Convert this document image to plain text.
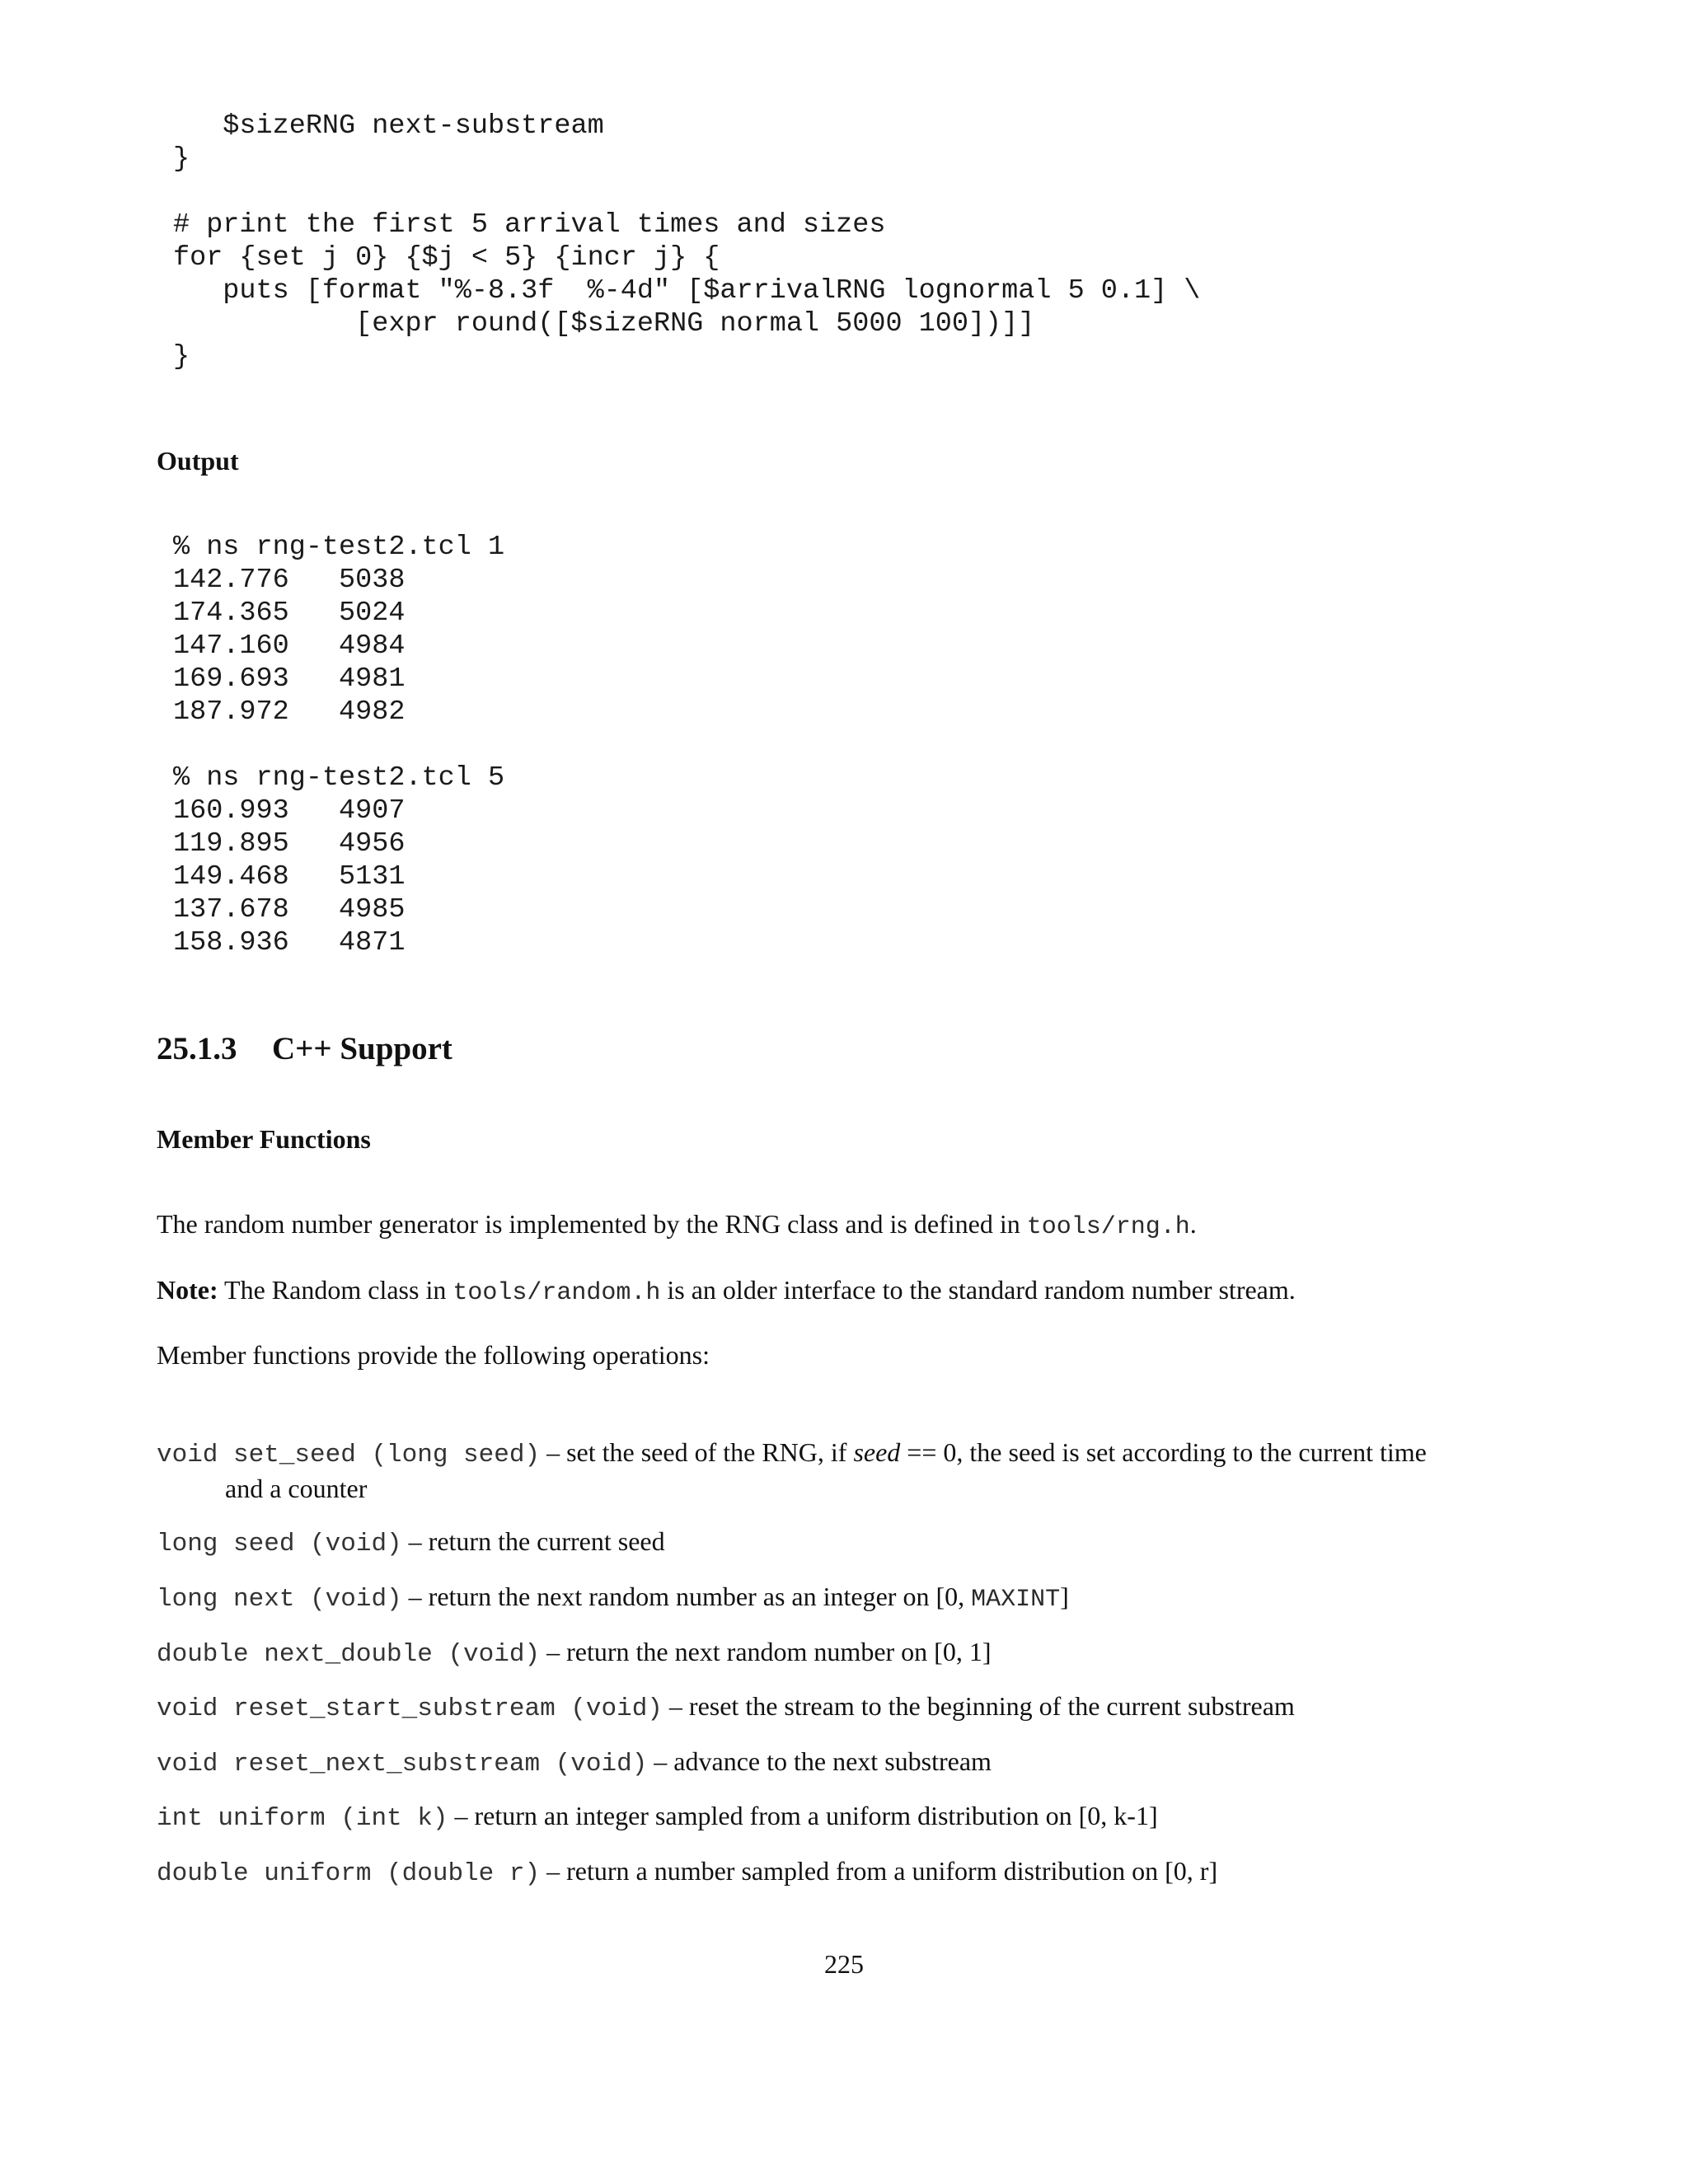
$sizeRNG next-substream
}

# print the first 5 arrival times and sizes
for {set j 0} {$j < 5} {incr j} {
puts [format "%-8.3f  %-4d" [$arrivalRNG lognormal 5 0.1] \
[expr round([$sizeRNG normal 5000 100])]]
}
Output
% ns rng-test2.tcl 1
142.776   5038
174.365   5024
147.160   4984
169.693   4981
187.972   4982

% ns rng-test2.tcl 5
160.993   4907
119.895   4956
149.468   5131
137.678   4985
158.936   4871
25.1.3 C++ Support
Member Functions

The random number generator is implemented by the RNG class and is defined in tools/rng.h.

Note: The Random class in tools/random.h is an older interface to the standard random number stream.

Member functions provide the following operations:

void set_seed (long seed) – set the seed of the RNG, if seed == 0, the seed is set according to the current time
and a counter
long seed (void) – return the current seed
long next (void) – return the next random number as an integer on [0, MAXINT]
double next_double (void) – return the next random number on [0, 1]
void reset_start_substream (void) – reset the stream to the beginning of the current substream
void reset_next_substream (void) – advance to the next substream
int uniform (int k) – return an integer sampled from a uniform distribution on [0, k-1]
double uniform (double r) – return a number sampled from a uniform distribution on [0, r]
225
